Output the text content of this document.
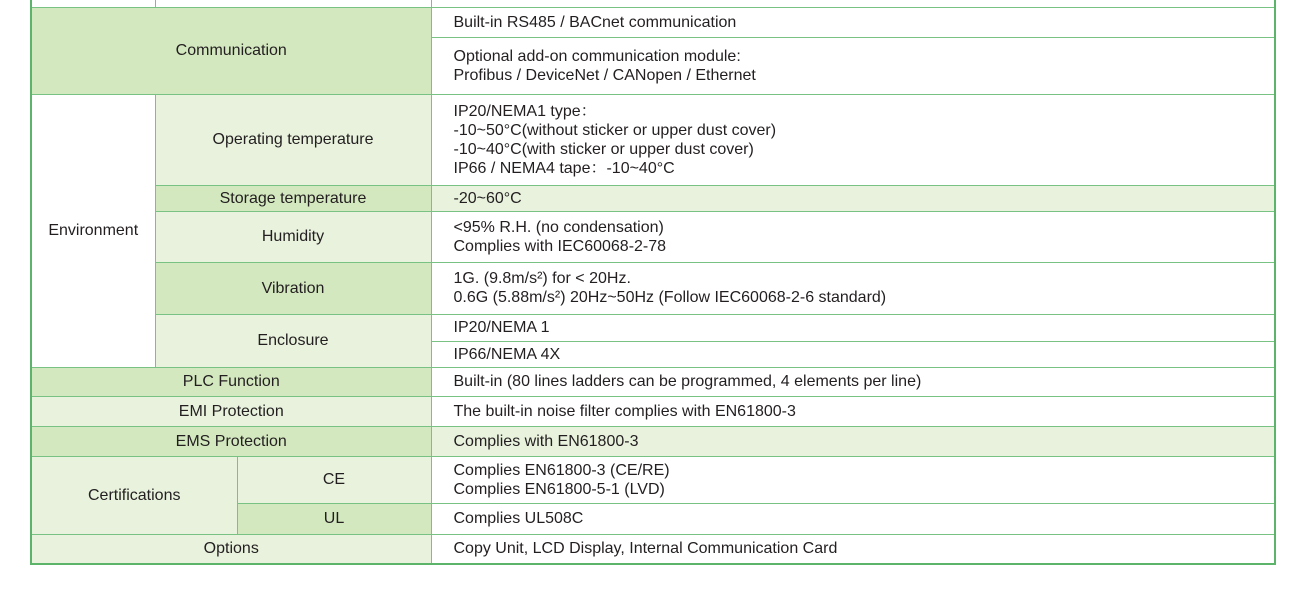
Communication			Built-in RS485 / BACnet communication

			Optional add-on communication module:
Profibus / DeviceNet / CANopen / Ethernet

Environment	Operating temperature		IP20/NEMA1 type：
-10~50°C(without sticker or upper dust cover)
-10~40°C(with sticker or upper dust cover)
IP66 / NEMA4 tape：-10~40°C

	Storage temperature		-20~60°C
	Humidity		<95% R.H. (no condensation)
Complies with IEC60068-2-78

	Vibration		1G. (9.8m/s²) for < 20Hz.
0.6G (5.88m/s²) 20Hz~50Hz (Follow IEC60068-2-6 standard)

	Enclosure		IP20/NEMA 1
			IP66/NEMA 4X
PLC Function			Built-in (80 lines ladders can be programmed, 4 elements per line)
EMI Protection			The built-in noise filter complies with EN61800-3
EMS Protection			Complies with EN61800-3
Certifications		CE	Complies EN61800-3 (CE/RE)
Complies EN61800-5-1 (LVD)

		UL	Complies UL508C
Options			Copy Unit, LCD Display, Internal Communication Card
